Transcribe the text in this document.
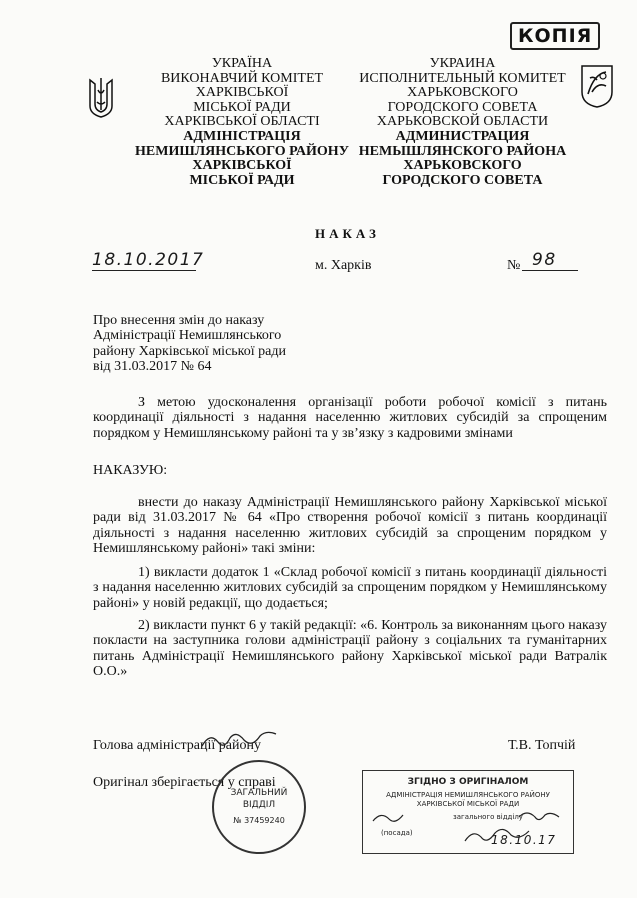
КОПІЯ
УКРАЇНА
ВИКОНАВЧИЙ КОМІТЕТ
ХАРКІВСЬКОЇ
МІСЬКОЇ РАДИ
ХАРКІВСЬКОЇ ОБЛАСТІ
АДМІНІСТРАЦІЯ
НЕМИШЛЯНСЬКОГО РАЙОНУ
ХАРКІВСЬКОЇ
МІСЬКОЇ РАДИ
УКРАИНА
ИСПОЛНИТЕЛЬНЫЙ КОМИТЕТ
ХАРЬКОВСКОГО
ГОРОДСКОГО СОВЕТА
ХАРЬКОВСКОЙ ОБЛАСТИ
АДМИНИСТРАЦИЯ
НЕМЫШЛЯНСКОГО РАЙОНА
ХАРЬКОВСКОГО
ГОРОДСКОГО СОВЕТА
НАКАЗ
18.10.2017	м. Харків	№ 98
Про внесення змін до наказу
Адміністрації Немишлянського
району Харківської міської ради
від 31.03.2017 № 64
З метою удосконалення організації роботи робочої комісії з питань координації діяльності з надання населенню житлових субсидій за спрощеним порядком у Немишлянському районі та у зв’язку з кадровими змінами
НАКАЗУЮ:
внести до наказу Адміністрації Немишлянського району Харківської міської ради від 31.03.2017 № 64 «Про створення робочої комісії з питань координації діяльності з надання населенню житлових субсидій за спрощеним порядком у Немишлянському районі» такі зміни:
1) викласти додаток 1 «Склад робочої комісії з питань координації діяльності з надання населенню житлових субсидій за спрощеним порядком у Немишлянському районі» у новій редакції, що додається;
2) викласти пункт 6 у такій редакції: «6. Контроль за виконанням цього наказу покласти на заступника голови адміністрації району з соціальних та гуманітарних питань Адміністрації Немишлянського району Харківської міської ради Ватралік О.О.»
Голова адміністрації району	Т.В. Топчій
Оригінал зберігається у справі
ЗАГАЛЬНИЙ
ВІДДІЛ
№ 37459240
ЗГІДНО З ОРИГІНАЛОМ
АДМІНІСТРАЦІЯ НЕМИШЛЯНСЬКОГО РАЙОНУ
ХАРКІВСЬКОЇ МІСЬКОЇ РАДИ
загального відділу
(посада)	18.10.17
